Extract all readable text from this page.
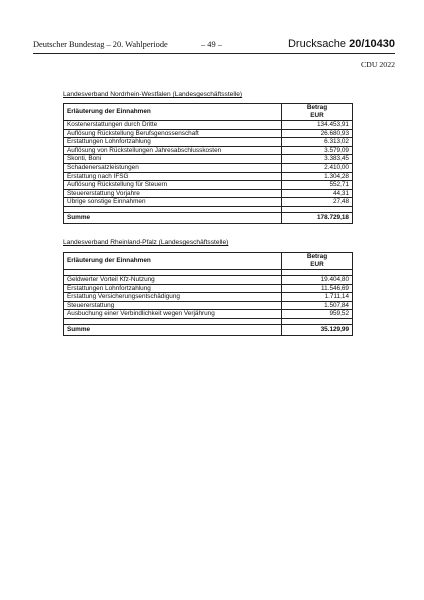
Deutscher Bundestag – 20. Wahlperiode	– 49 –	Drucksache 20/10430
CDU 2022
Landesverband Nordrhein-Westfalen (Landesgeschäftsstelle)
Erläuterung der Einnahmen	Betrag
EUR
Kostenerstattungen durch Dritte	134.453,91
Auflösung Rückstellung Berufsgenossenschaft	26.680,93
Erstattungen Lohnfortzahlung	6.313,02
Auflösung von Rückstellungen Jahresabschlusskosten	3.579,09
Skonti, Boni	3.383,45
Schadenersatzleistungen	2.410,00
Erstattung nach IFSG	1.304,28
Auflösung Rückstellung für Steuern	552,71
Steuererstattung Vorjahre	44,31
Übrige sonstige Einnahmen	27,48

Summe	178.729,18
Landesverband Rheinland-Pfalz (Landesgeschäftsstelle)
Erläuterung der Einnahmen	Betrag
EUR

Geldwerter Vorteil Kfz-Nutzung	19.404,80
Erstattungen Lohnfortzahlung	11.546,69
Erstattung Versicherungsentschädigung	1.711,14
Steuererstattung	1.507,84
Ausbuchung einer Verbindlichkeit wegen Verjährung	959,52

Summe	35.129,99
